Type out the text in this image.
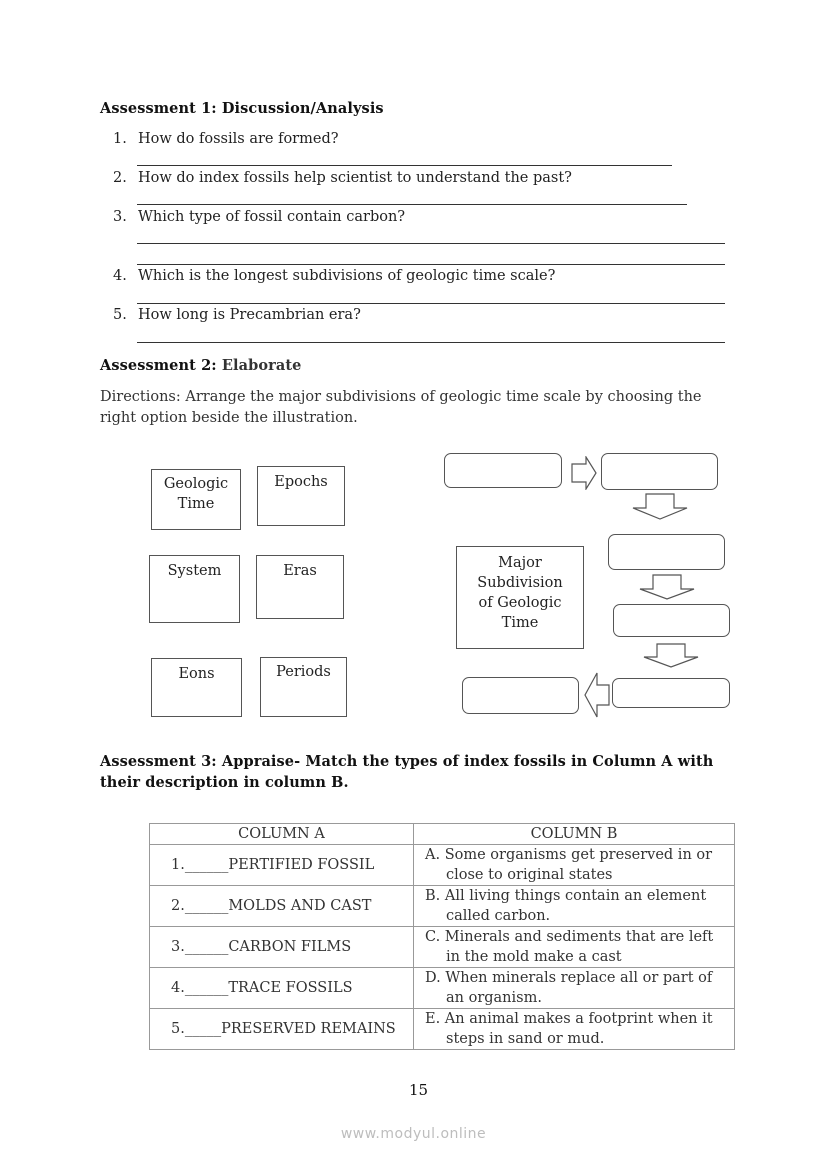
Assessment 1: Discussion/Analysis
1. How do fossils are formed?
2. How do index fossils help scientist to understand the past?
3. Which type of fossil contain carbon?
4. Which is the longest subdivisions of geologic time scale?
5. How long is Precambrian era?
Assessment 2: Elaborate
Directions: Arrange the major subdivisions of geologic time scale by choosing the
right option beside the illustration.
Geologic
Time
Epochs
System	Eras
Eons	Periods
Major
Subdivision
of Geologic
Time
Assessment 3: Appraise- Match the types of index fossils in Column A with
their description in column B.
COLUMN A	COLUMN B
1.______PERTIFIED FOSSIL	A. Some organisms get preserved in or
close to original states

2.______MOLDS AND CAST	B. All living things contain an element
called carbon.

3.______CARBON FILMS	C. Minerals and sediments that are left
in the mold make a cast

4.______TRACE FOSSILS	D. When minerals replace all or part of
an organism.

5._____PRESERVED REMAINS	E. An animal makes a footprint when it
steps in sand or mud.
15
www.modyul.online
